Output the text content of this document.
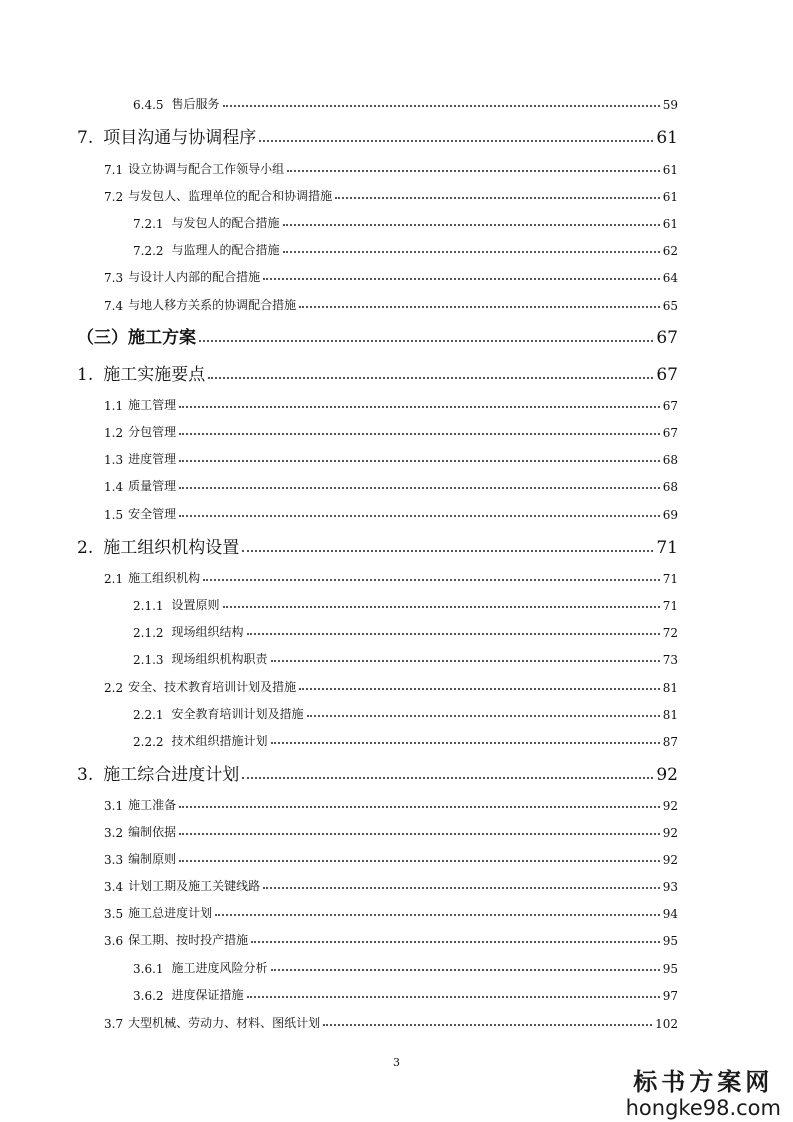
6.4.5 售后服务	59
7. 项目沟通与协调程序	61
7.1 设立协调与配合工作领导小组	61
7.2 与发包人、监理单位的配合和协调措施	61
7.2.1 与发包人的配合措施	61
7.2.2 与监理人的配合措施	62
7.3 与设计人内部的配合措施	64
7.4 与地人移方关系的协调配合措施	65
（三）施工方案	67
1. 施工实施要点	67
1.1 施工管理	67
1.2 分包管理	67
1.3 进度管理	68
1.4 质量管理	68
1.5 安全管理	69
2. 施工组织机构设置	71
2.1 施工组织机构	71
2.1.1 设置原则	71
2.1.2 现场组织结构	72
2.1.3 现场组织机构职责	73
2.2 安全、技术教育培训计划及措施	81
2.2.1 安全教育培训计划及措施	81
2.2.2 技术组织措施计划	87
3. 施工综合进度计划	92
3.1 施工准备	92
3.2 编制依据	92
3.3 编制原则	92
3.4 计划工期及施工关键线路	93
3.5 施工总进度计划	94
3.6 保工期、按时投产措施	95
3.6.1 施工进度风险分析	95
3.6.2 进度保证措施	97
3.7 大型机械、劳动力、材料、图纸计划	102
3
标书方案网
hongke98.com
